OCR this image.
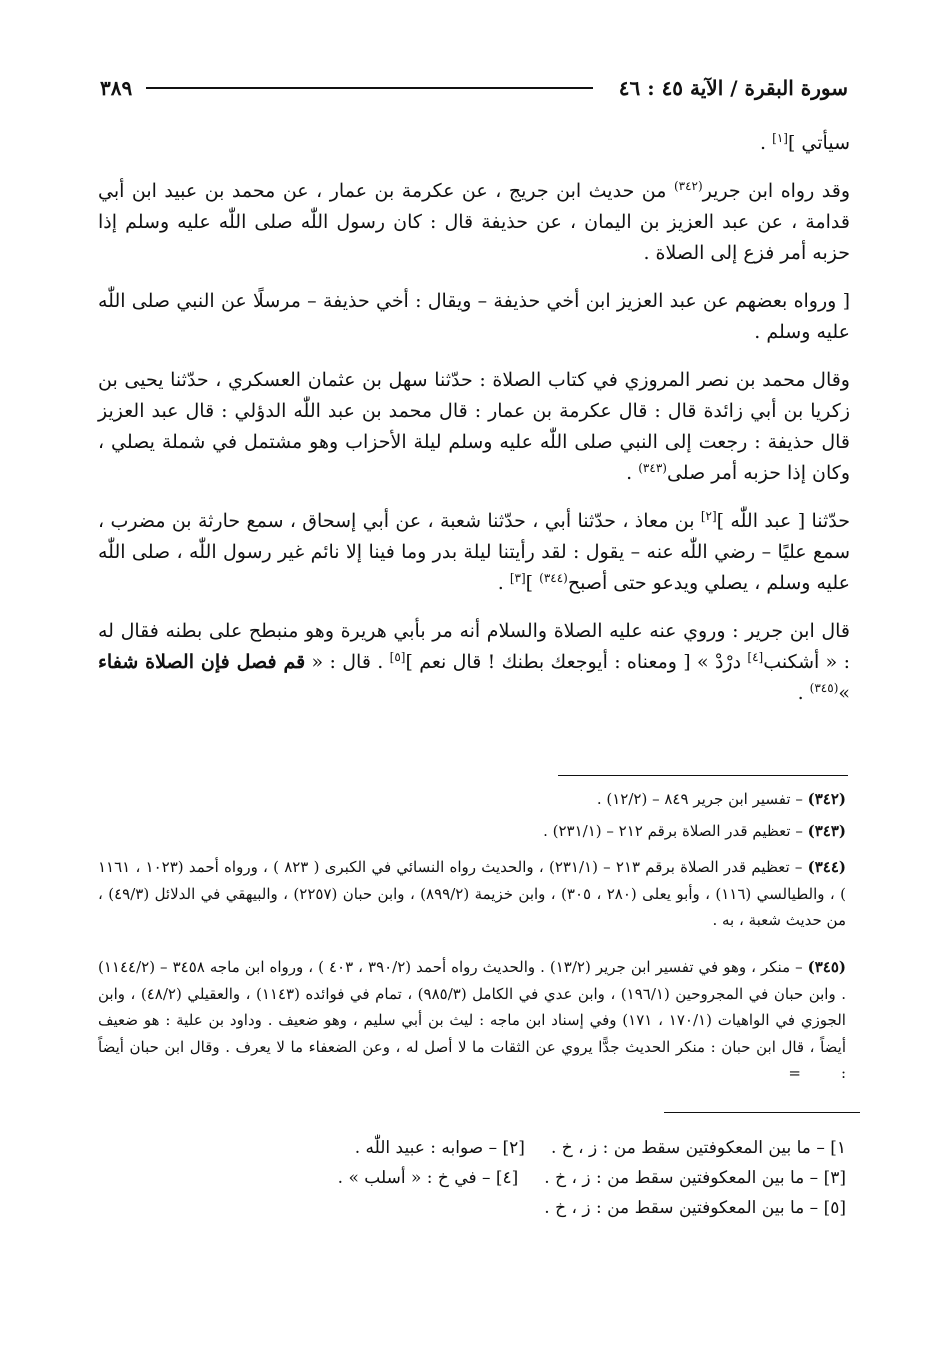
٣٨٩	سورة البقرة / الآية ٤٥ : ٤٦

سيأتي ][١] .

وقد رواه ابن جرير$^{(٣٤٢)}$ من حديث ابن جريج ، عن عكرمة بن عمار ، عن محمد بن عبيد ابن أبي قدامة ، عن عبد العزيز بن اليمان ، عن حذيفة قال : كان رسول اللّٰه صلى اللّٰه عليه وسلم إذا حزبه أمر فزع إلى الصلاة .

[ ورواه بعضهم عن عبد العزيز ابن أخي حذيفة – ويقال : أخي حذيفة – مرسلًا عن النبي صلى اللّٰه عليه وسلم .

وقال محمد بن نصر المروزي في كتاب الصلاة : حدّثنا سهل بن عثمان العسكري ، حدّثنا يحيى بن زكريا بن أبي زائدة قال : قال عكرمة بن عمار : قال محمد بن عبد اللّٰه الدؤلي : قال عبد العزيز قال حذيفة : رجعت إلى النبي صلى اللّٰه عليه وسلم ليلة الأحزاب وهو مشتمل في شملة يصلي ، وكان إذا حزبه أمر صلى$^{(٣٤٣)}$ .

حدّثنا [ عبد اللّٰه ][٢] بن معاذ ، حدّثنا أبي ، حدّثنا شعبة ، عن أبي إسحاق ، سمع حارثة بن مضرب ، سمع عليًا – رضي اللّٰه عنه – يقول : لقد رأيتنا ليلة بدر وما فينا إلا نائم غير رسول اللّٰه ، صلى اللّٰه عليه وسلم ، يصلي ويدعو حتى أصبح$^{(٣٤٤)}$ ][٣] .

قال ابن جرير : وروي عنه عليه الصلاة والسلام أنه مر بأبي هريرة وهو منبطح على بطنه فقال له : « أشكنب[٤] درْدْ » [ ومعناه : أيوجعك بطنك ! قال نعم ][٥] . قال : « قم فصل فإن الصلاة شفاء »$^{(٣٤٥)}$ .

(٣٤٢) – تفسير ابن جرير ٨٤٩ – (١٢/٢) .
(٣٤٣) – تعظيم قدر الصلاة برقم ٢١٢ – (٢٣١/١) .
(٣٤٤) – تعظيم قدر الصلاة برقم ٢١٣ – (٢٣١/١) ، والحديث رواه النسائي في الكبرى ( ٨٢٣ ) ، ورواه أحمد (١٠٢٣ ، ١١٦١ ) ، والطيالسي (١١٦) ، وأبو يعلى (٢٨٠ ، ٣٠٥) ، وابن خزيمة (٨٩٩/٢) ، وابن حبان (٢٢٥٧) ، والبيهقي في الدلائل (٤٩/٣) ، من حديث شعبة ، به .
(٣٤٥) – منكر ، وهو في تفسير ابن جرير (١٣/٢) . والحديث رواه أحمد (٣٩٠/٢ ، ٤٠٣ ) ، ورواه ابن ماجه ٣٤٥٨ – (١١٤٤/٢) . وابن حبان في المجروحين (١٩٦/١) ، وابن عدي في الكامل (٩٨٥/٣) ، تمام في فوائده (١١٤٣) ، والعقيلي (٤٨/٢) ، وابن الجوزي في الواهيات (١٧٠/١ ، ١٧١) وفي إسناد ابن ماجه : ليث بن أبي سليم ، وهو ضعيف . وداود بن علية : هو ضعيف أيضاً ، قال ابن حبان : منكر الحديث جدًّا يروي عن الثقات ما لا أصل له ، وعن الضعفاء ما لا يعرف . وقال ابن حبان أيضاً :=
١] – ما بين المعكوفتين سقط من : ز ، خ .
[٢] – صوابه : عبيد اللّٰه .
[٣] – ما بين المعكوفتين سقط من : ز ، خ .
[٤] – في خ : « أسلب » .
[٥] – ما بين المعكوفتين سقط من : ز ، خ .
